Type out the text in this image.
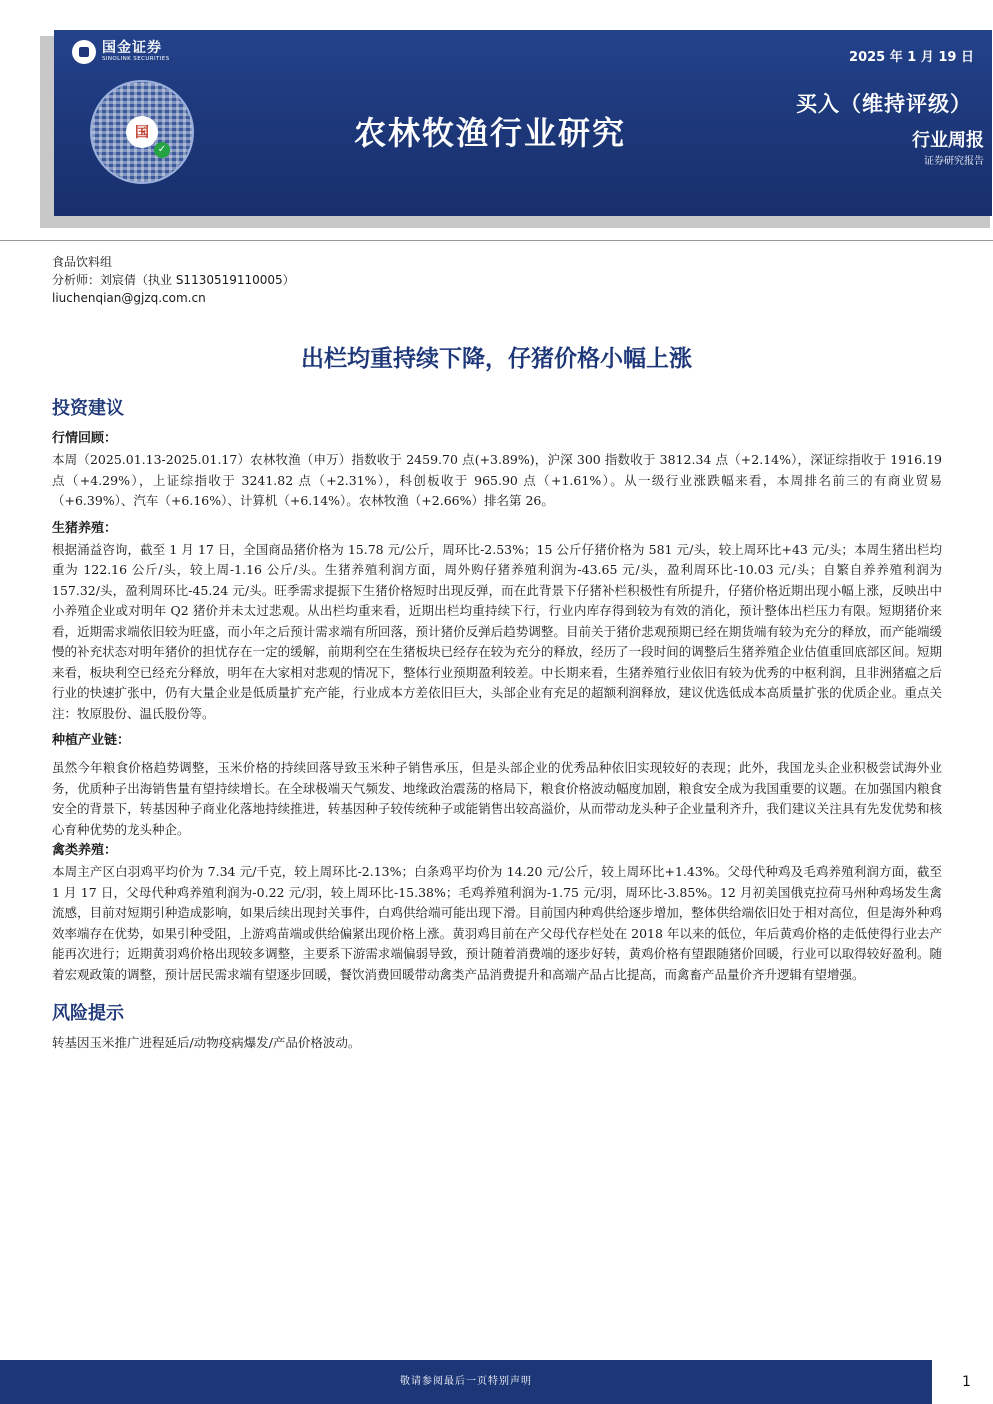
国金证券
SINOLINK SECURITIES
国
✓	农林牧渔行业研究
2025 年 1 月 19 日
买入（维持评级）
行业周报
证券研究报告
食品饮料组
分析师：刘宸倩（执业 S1130519110005）
liuchenqian@gjzq.com.cn
出栏均重持续下降，仔猪价格小幅上涨
投资建议
行情回顾：

本周（2025.01.13-2025.01.17）农林牧渔（申万）指数收于 2459.70 点(+3.89%)，沪深 300 指数收于 3812.34 点（+2.14%），深证综指收于 1916.19 点（+4.29%），上证综指收于 3241.82 点（+2.31%），科创板收于 965.90 点（+1.61%）。从一级行业涨跌幅来看，本周排名前三的有商业贸易（+6.39%）、汽车（+6.16%）、计算机（+6.14%）。农林牧渔（+2.66%）排名第 26。

生猪养殖：

根据涌益咨询，截至 1 月 17 日，全国商品猪价格为 15.78 元/公斤，周环比-2.53%；15 公斤仔猪价格为 581 元/头，较上周环比+43 元/头；本周生猪出栏均重为 122.16 公斤/头，较上周-1.16 公斤/头。生猪养殖利润方面，周外购仔猪养殖利润为-43.65 元/头，盈利周环比-10.03 元/头；自繁自养养殖利润为 157.32/头，盈利周环比-45.24 元/头。旺季需求提振下生猪价格短时出现反弹，而在此背景下仔猪补栏积极性有所提升，仔猪价格近期出现小幅上涨，反映出中小养殖企业或对明年 Q2 猪价并未太过悲观。从出栏均重来看，近期出栏均重持续下行，行业内库存得到较为有效的消化，预计整体出栏压力有限。短期猪价来看，近期需求端依旧较为旺盛，而小年之后预计需求端有所回落，预计猪价反弹后趋势调整。目前关于猪价悲观预期已经在期货端有较为充分的释放，而产能端缓慢的补充状态对明年猪价的担忧存在一定的缓解，前期利空在生猪板块已经存在较为充分的释放，经历了一段时间的调整后生猪养殖企业估值重回底部区间。短期来看，板块利空已经充分释放，明年在大家相对悲观的情况下，整体行业预期盈利较差。中长期来看，生猪养殖行业依旧有较为优秀的中枢利润，且非洲猪瘟之后行业的快速扩张中，仍有大量企业是低质量扩充产能，行业成本方差依旧巨大，头部企业有充足的超额利润释放，建议优选低成本高质量扩张的优质企业。重点关注：牧原股份、温氏股份等。

种植产业链：

虽然今年粮食价格趋势调整，玉米价格的持续回落导致玉米种子销售承压，但是头部企业的优秀品种依旧实现较好的表现；此外，我国龙头企业积极尝试海外业务，优质种子出海销售量有望持续增长。在全球极端天气频发、地缘政治震荡的格局下，粮食价格波动幅度加剧，粮食安全成为我国重要的议题。在加强国内粮食安全的背景下，转基因种子商业化落地持续推进，转基因种子较传统种子或能销售出较高溢价，从而带动龙头种子企业量利齐升，我们建议关注具有先发优势和核心育种优势的龙头种企。

禽类养殖：

本周主产区白羽鸡平均价为 7.34 元/千克，较上周环比-2.13%；白条鸡平均价为 14.20 元/公斤，较上周环比+1.43%。父母代种鸡及毛鸡养殖利润方面，截至 1 月 17 日，父母代种鸡养殖利润为-0.22 元/羽，较上周环比-15.38%；毛鸡养殖利润为-1.75 元/羽，周环比-3.85%。12 月初美国俄克拉荷马州种鸡场发生禽流感，目前对短期引种造成影响，如果后续出现封关事件，白鸡供给端可能出现下滑。目前国内种鸡供给逐步增加，整体供给端依旧处于相对高位，但是海外种鸡效率端存在优势，如果引种受阻，上游鸡苗端或供给偏紧出现价格上涨。黄羽鸡目前在产父母代存栏处在 2018 年以来的低位，年后黄鸡价格的走低使得行业去产能再次进行；近期黄羽鸡价格出现较多调整，主要系下游需求端偏弱导致，预计随着消费端的逐步好转，黄鸡价格有望跟随猪价回暖，行业可以取得较好盈利。随着宏观政策的调整，预计居民需求端有望逐步回暖，餐饮消费回暖带动禽类产品消费提升和高端产品占比提高，而禽畜产品量价齐升逻辑有望增强。

风险提示

转基因玉米推广进程延后/动物疫病爆发/产品价格波动。

敬请参阅最后一页特别声明	1
